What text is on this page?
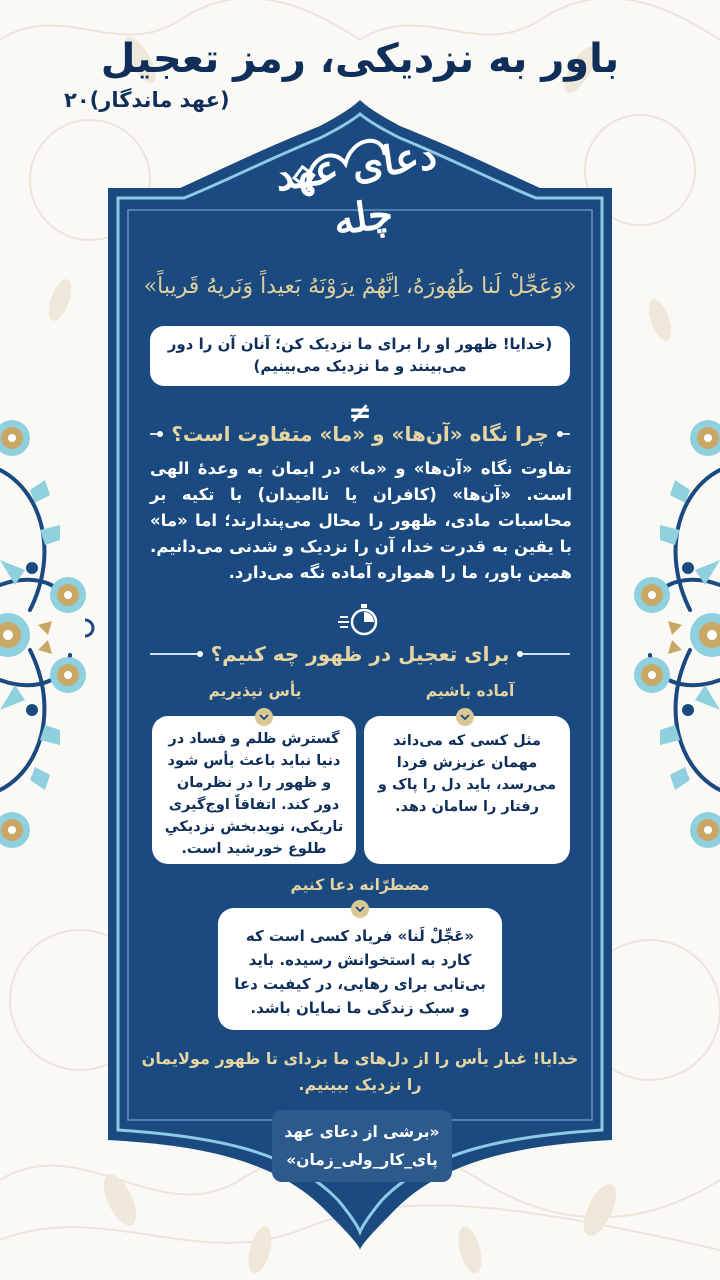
باور به نزدیکی، رمز تعجیل
(عهد ماندگار)۲۰
دعای عهد
چله
«وَعَجِّلْ لَنا ظُهُورَهُ، اِنَّهُمْ یرَوْنَهُ بَعیداً وَنَریهُ قَریباً»
(خدایا! ظهور او را برای ما نزدیک کن؛ آنان آن را دور می‌بینند و ما نزدیک می‌بینیم)
≠
چرا نگاه «آن‌ها» و «ما» متفاوت است؟
تفاوت نگاه «آن‌ها» و «ما» در ایمان به وعدهٔ الهی است. «آن‌ها» (کافران یا ناامیدان) با تکیه بر محاسبات مادی، ظهور را محال می‌پندارند؛ اما «ما» با یقین به قدرت خدا، آن را نزدیک و شدنی می‌دانیم. همین باور، ما را همواره آماده نگه می‌دارد.
برای تعجیل در ظهور چه کنیم؟
آماده باشیم
مثل کسی که می‌داند مهمان عزیزش فردا می‌رسد، باید دل را پاک و رفتار را سامان دهد.
یأس نپذیریم
گسترش ظلم و فساد در دنیا نباید باعث یأس شود و ظهور را در نظرمان دور کند. اتفاقاً اوج‌گیری تاریکی، نوید‌بخش نزدیکیِ طلوع خورشید است.
مضطرّانه دعا کنیم
«عَجِّلْ لَنا» فریاد کسی است که کارد به استخوانش رسیده. باید بی‌تابی برای رهایی، در کیفیت دعا و سبک زندگی ما نمایان باشد.
خدایا! غبار یأس را از دل‌های ما بزدای تا ظهور مولایمان را نزدیک ببینیم.
«برشی از دعای عهد
پای_کار_ولی_زمان»
